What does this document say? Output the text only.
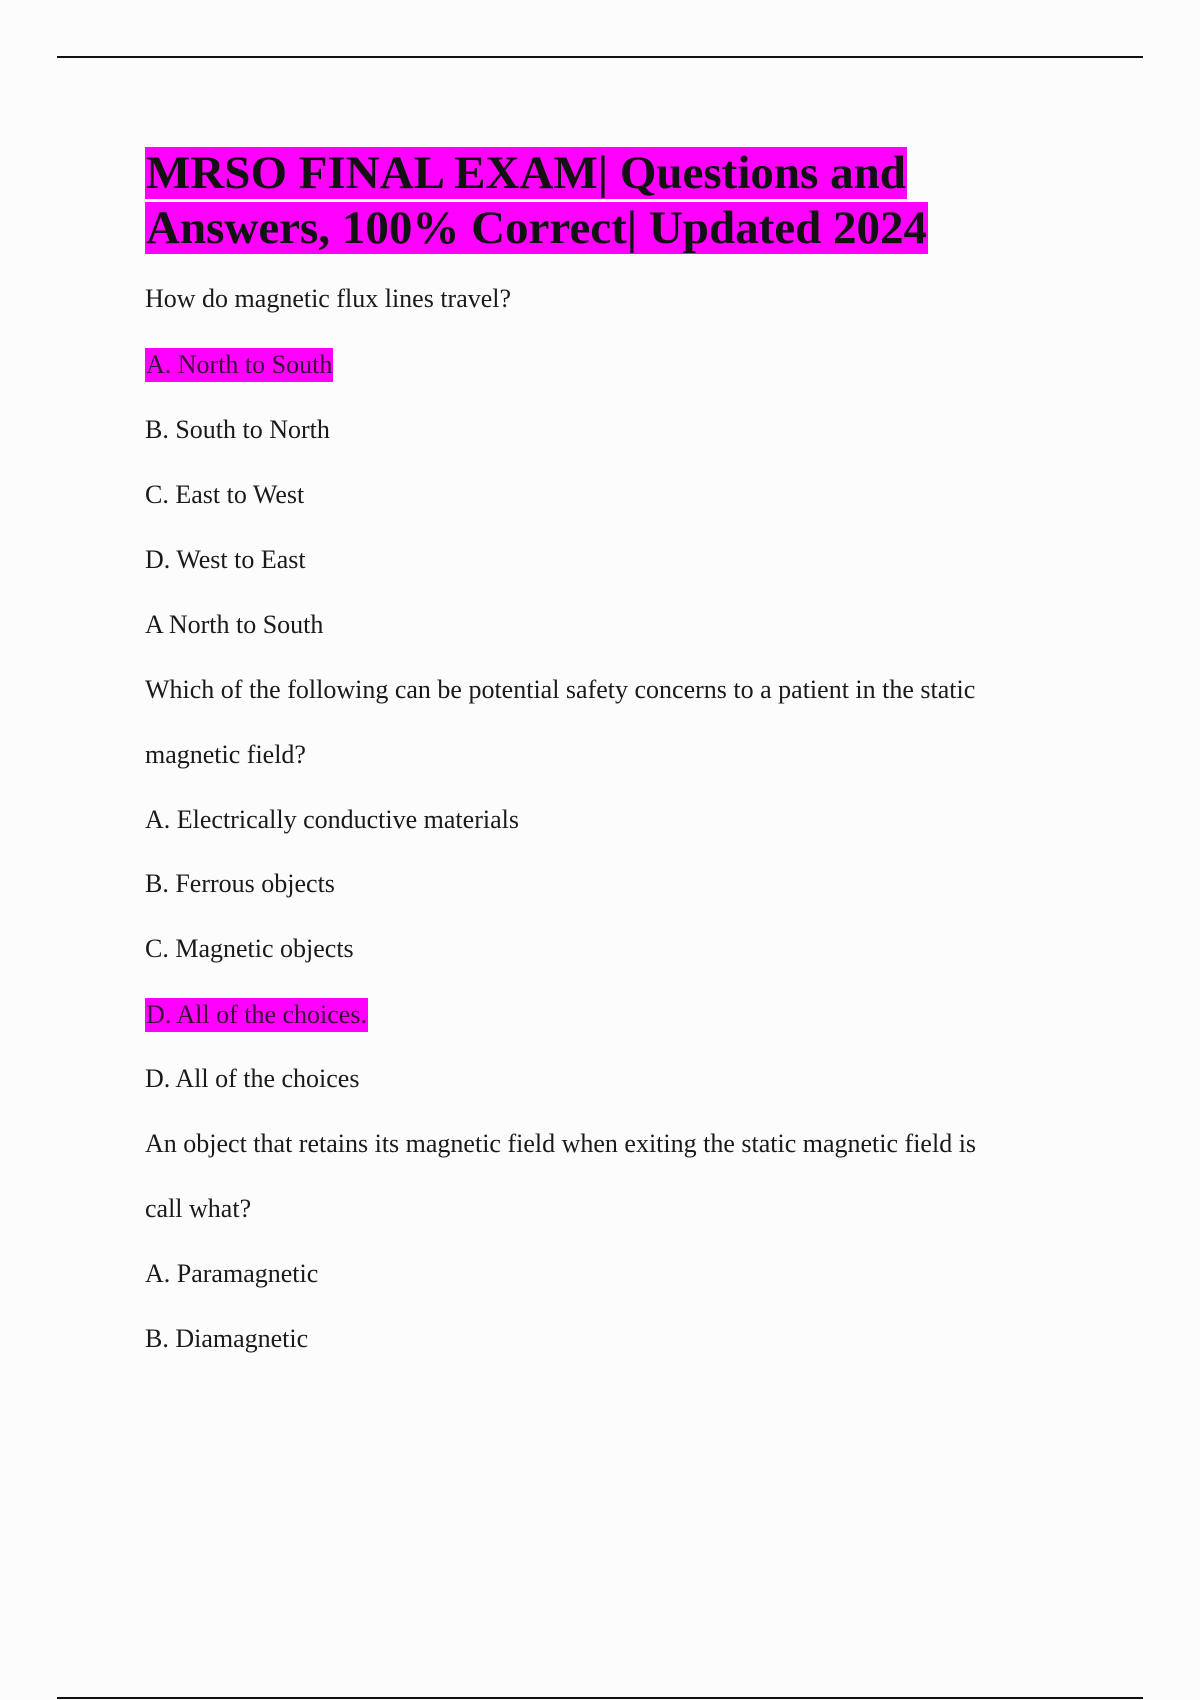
MRSO FINAL EXAM| Questions and
Answers, 100% Correct| Updated 2024

How do magnetic flux lines travel?

A. North to South

B. South to North

C. East to West

D. West to East

A North to South

Which of the following can be potential safety concerns to a patient in the static

magnetic field?

A. Electrically conductive materials

B. Ferrous objects

C. Magnetic objects

D. All of the choices.

D. All of the choices

An object that retains its magnetic field when exiting the static magnetic field is

call what?

A. Paramagnetic

B. Diamagnetic
